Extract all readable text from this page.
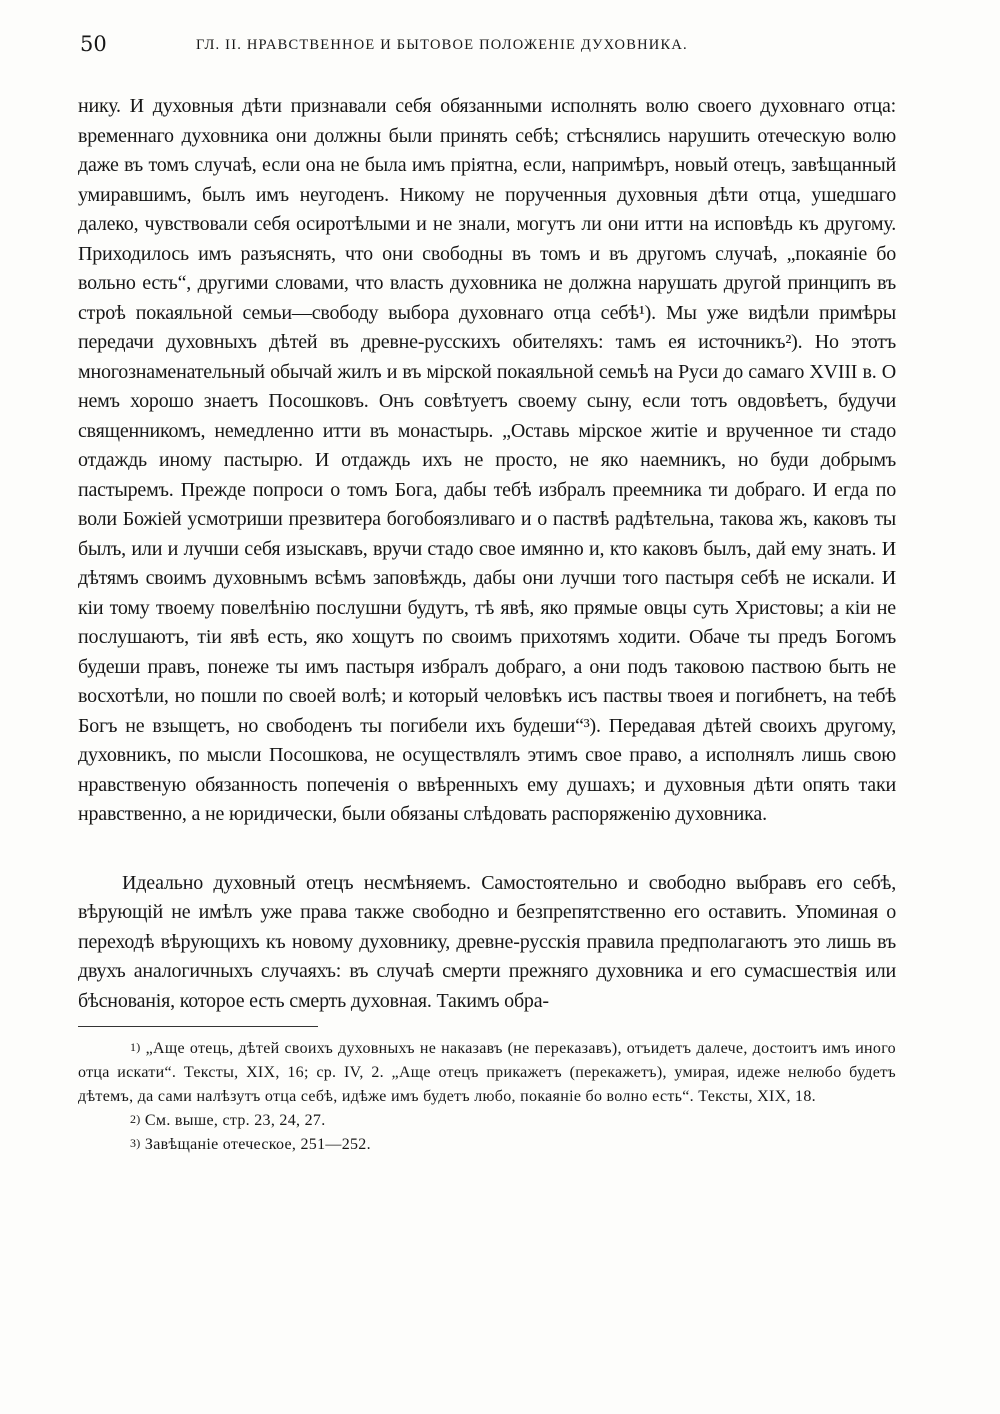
50	ГЛ. II. НРАВСТВЕННОЕ И БЫТОВОЕ ПОЛОЖЕНІЕ ДУХОВНИКА.

нику. И духовныя дѣти признавали себя обязанными исполнять волю своего духовнаго отца: временнаго духовника они должны были принять себѣ; стѣснялись нарушить отеческую волю даже въ томъ случаѣ, если она не была имъ пріятна, если, напримѣръ, новый отецъ, завѣщанный умиравшимъ, былъ имъ неугоденъ. Никому не порученныя духовныя дѣти отца, ушедшаго далеко, чувствовали себя осиротѣлыми и не знали, могутъ ли они итти на исповѣдь къ другому. Приходилось имъ разъяснять, что они свободны въ томъ и въ другомъ случаѣ, „покаяніе бо вольно есть“, другими словами, что власть духовника не должна нарушать другой принципъ въ строѣ покаяльной семьи—свободу выбора духовнаго отца себѣ¹). Мы уже видѣли примѣры передачи духовныхъ дѣтей въ древне-русскихъ обителяхъ: тамъ ея источникъ²). Но этотъ многознаменательный обычай жилъ и въ мірской покаяльной семьѣ на Руси до самаго XVIII в. О немъ хорошо знаетъ Посошковъ. Онъ совѣтуетъ своему сыну, если тотъ овдовѣетъ, будучи священникомъ, немедленно итти въ монастырь. „Оставь мірское житіе и врученное ти стадо отдаждь иному пастырю. И отдаждь ихъ не просто, не яко наемникъ, но буди добрымъ пастыремъ. Прежде попроси о томъ Бога, дабы тебѣ избралъ преемника ти добраго. И егда по воли Божіей усмотриши презвитера богобоязливаго и о паствѣ радѣтельна, такова жъ, каковъ ты былъ, или и лучши себя изыскавъ, вручи стадо свое имянно и, кто каковъ былъ, дай ему знать. И дѣтямъ своимъ духовнымъ всѣмъ заповѣждь, дабы они лучши того пастыря себѣ не искали. И кіи тому твоему повелѣнію послушни будутъ, тѣ явѣ, яко прямые овцы суть Христовы; а кіи не послушаютъ, тіи явѣ есть, яко хощутъ по своимъ прихотямъ ходити. Обаче ты предъ Богомъ будеши правъ, понеже ты имъ пастыря избралъ добраго, а они подъ таковою паствою быть не восхотѣли, но пошли по своей волѣ; и который человѣкъ исъ паствы твоея и погибнетъ, на тебѣ Богъ не взыщетъ, но свободенъ ты погибели ихъ будеши“³). Передавая дѣтей своихъ другому, духовникъ, по мысли Посошкова, не осуществлялъ этимъ свое право, а исполнялъ лишь свою нравственую обязанность попеченія о ввѣренныхъ ему душахъ; и духовныя дѣти опять таки нравственно, а не юридически, были обязаны слѣдовать распоряженію духовника.

Идеально духовный отецъ несмѣняемъ. Самостоятельно и свободно выбравъ его себѣ, вѣрующій не имѣлъ уже права также свободно и безпрепятственно его оставить. Упоминая о переходѣ вѣрующихъ къ новому духовнику, древне-русскія правила предполагаютъ это лишь въ двухъ аналогичныхъ случаяхъ: въ случаѣ смерти прежняго духовника и его сумасшествія или бѣснованія, которое есть смерть духовная. Такимъ обра-

$^{1)}$ „Аще отець, дѣтей своихъ духовныхъ не наказавъ (не переказавъ), отъидетъ далече, достоитъ имъ иного отца искати“. Тексты, XIX, 16; ср. IV, 2. „Аще отецъ прикажетъ (перекажетъ), умирая, идеже нелюбо будетъ дѣтемъ, да сами налѣзутъ отца себѣ, идѣже имъ будетъ любо, покаяніе бо волно есть“. Тексты, XIX, 18.

$^{2)}$ См. выше, стр. 23, 24, 27.

$^{3)}$ Завѣщаніе отеческое, 251—252.
